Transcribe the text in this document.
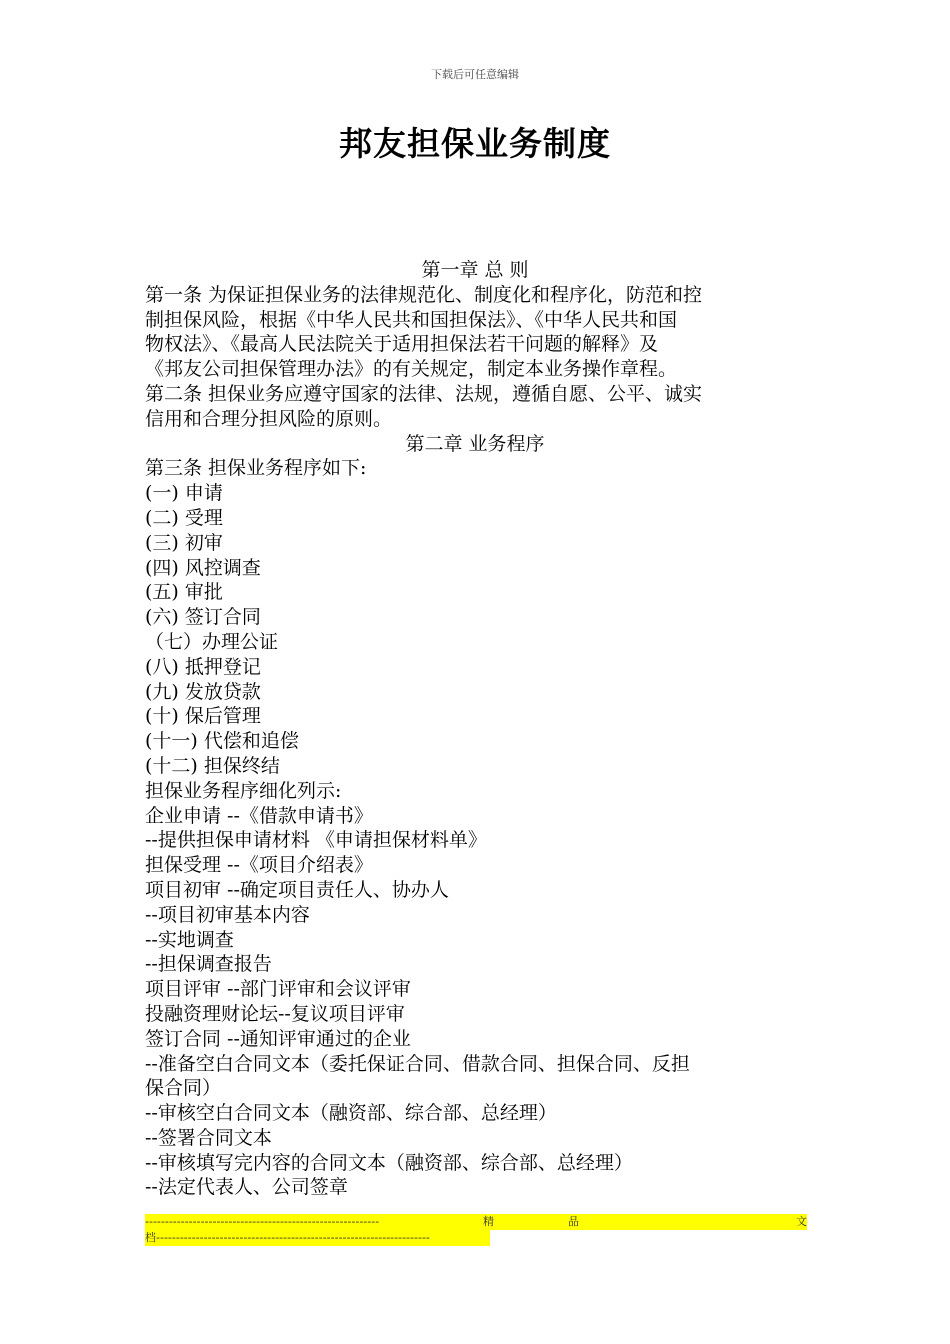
下载后可任意编辑
邦友担保业务制度
第一章 总 则
第一条 为保证担保业务的法律规范化、制度化和程序化，防范和控
制担保风险，根据《中华人民共和国担保法》、《中华人民共和国
物权法》、《最高人民法院关于适用担保法若干问题的解释》及
《邦友公司担保管理办法》的有关规定，制定本业务操作章程。
第二条 担保业务应遵守国家的法律、法规，遵循自愿、公平、诚实
信用和合理分担风险的原则。
第二章 业务程序
第三条 担保业务程序如下:
(一) 申请
(二) 受理
(三) 初审
(四) 风控调查
(五) 审批
(六) 签订合同
（七）办理公证
(八) 抵押登记
(九) 发放贷款
(十) 保后管理
(十一) 代偿和追偿
(十二) 担保终结
担保业务程序细化列示:
企业申请 --《借款申请书》
--提供担保申请材料 《申请担保材料单》
担保受理 --《项目介绍表》
项目初审 --确定项目责任人、协办人
--项目初审基本内容
--实地调查
--担保调查报告
项目评审 --部门评审和会议评审
投融资理财论坛--复议项目评审
签订合同 --通知评审通过的企业
--准备空白合同文本（委托保证合同、借款合同、担保合同、反担
保合同）
--审核空白合同文本（融资部、综合部、总经理）
--签署合同文本
--审核填写完内容的合同文本（融资部、综合部、总经理）
--法定代表人、公司签章
-----------------------------------------------------------	精	品	文
档---------------------------------------------------------------------
